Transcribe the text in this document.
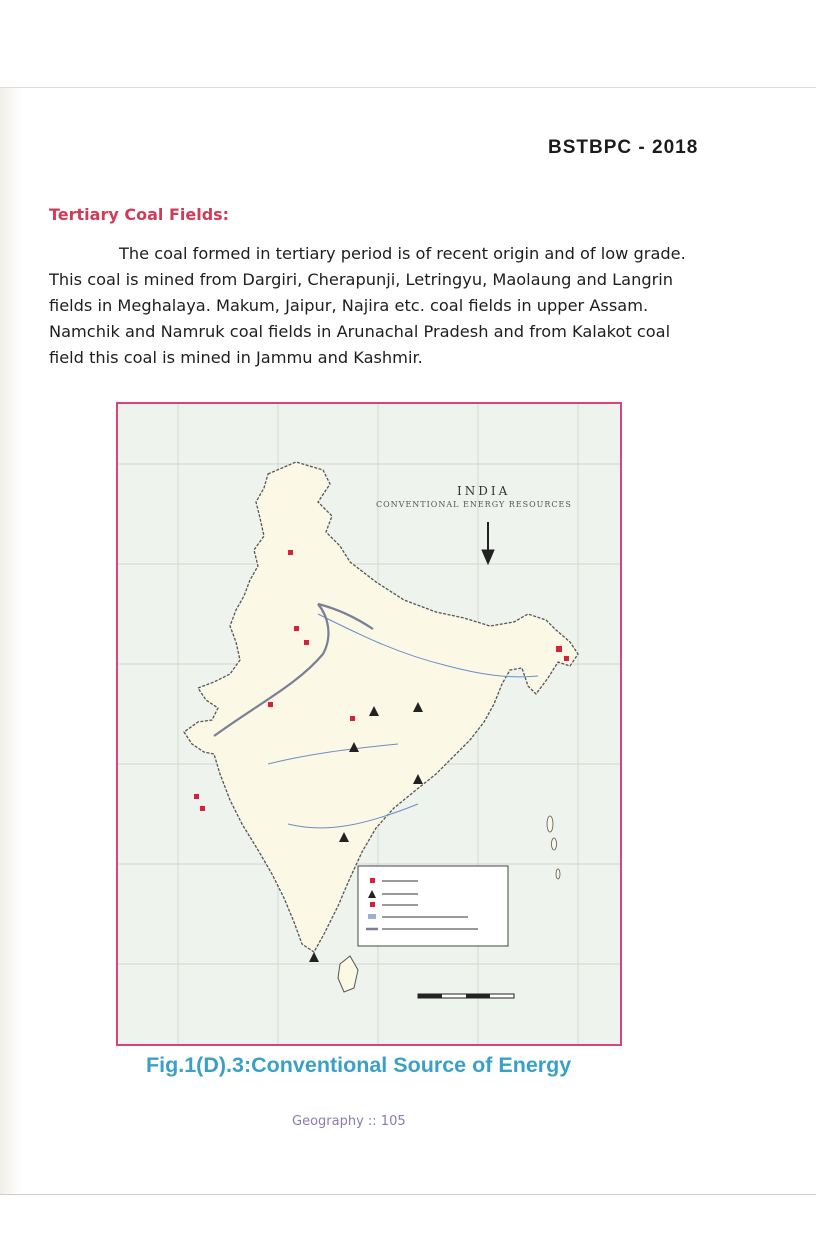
BSTBPC - 2018
Tertiary Coal Fields:
The coal formed in tertiary period is of recent origin and of low grade.
This coal is mined from Dargiri, Cherapunji, Letringyu, Maolaung and Langrin
fields in Meghalaya. Makum, Jaipur, Najira etc. coal fields in upper Assam.
Namchik and Namruk coal fields in Arunachal Pradesh and from Kalakot coal
field this coal is mined in Jammu and Kashmir.
INDIA
CONVENTIONAL ENERGY RESOURCES
Fig.1(D).3:Conventional Source of Energy
Geography :: 105
